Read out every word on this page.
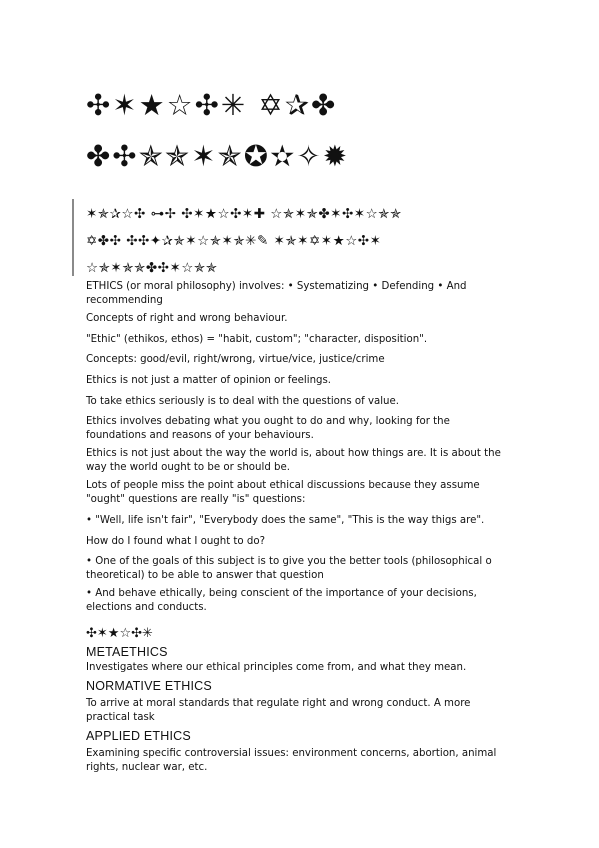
✣✶★☆✣✳ ✡✰✤
✤✣✯✯✶✯✪✫✧✹
✶✯✰☆✣ ⊶✢ ✣✶★☆✣✶✚ ☆✯✶✯✤✶✣✶☆✯✯
✡✤✣ ✣✣✦✰✯✶☆✯✶✯✳✎ ✶✯✶✡✶★☆✣✶
☆✯✶✯✯✤✣✶☆✯✯
ETHICS (or moral philosophy) involves: • Systematizing • Defending • And recommending
Concepts of right and wrong behaviour.
"Ethic" (ethikos, ethos) = "habit, custom"; "character, disposition".
Concepts: good/evil, right/wrong, virtue/vice, justice/crime
Ethics is not just a matter of opinion or feelings.
To take ethics seriously is to deal with the questions of value.
Ethics involves debating what you ought to do and why, looking for the foundations and reasons of your behaviours.
Ethics is not just about the way the world is, about how things are. It is about the way the world ought to be or should be.
Lots of people miss the point about ethical discussions because they assume "ought" questions are really "is" questions:
• "Well, life isn't fair", "Everybody does the same", "This is the way thigs are".
How do I found what I ought to do?
• One of the goals of this subject is to give you the better tools (philosophical o theoretical) to be able to answer that question
• And behave ethically, being conscient of the importance of your decisions, elections and conducts.
✣✶★☆✣✳
METAETHICS
Investigates where our ethical principles come from, and what they mean.
NORMATIVE ETHICS
To arrive at moral standards that regulate right and wrong conduct. A more practical task
APPLIED ETHICS
Examining specific controversial issues: environment concerns, abortion, animal rights, nuclear war, etc.
